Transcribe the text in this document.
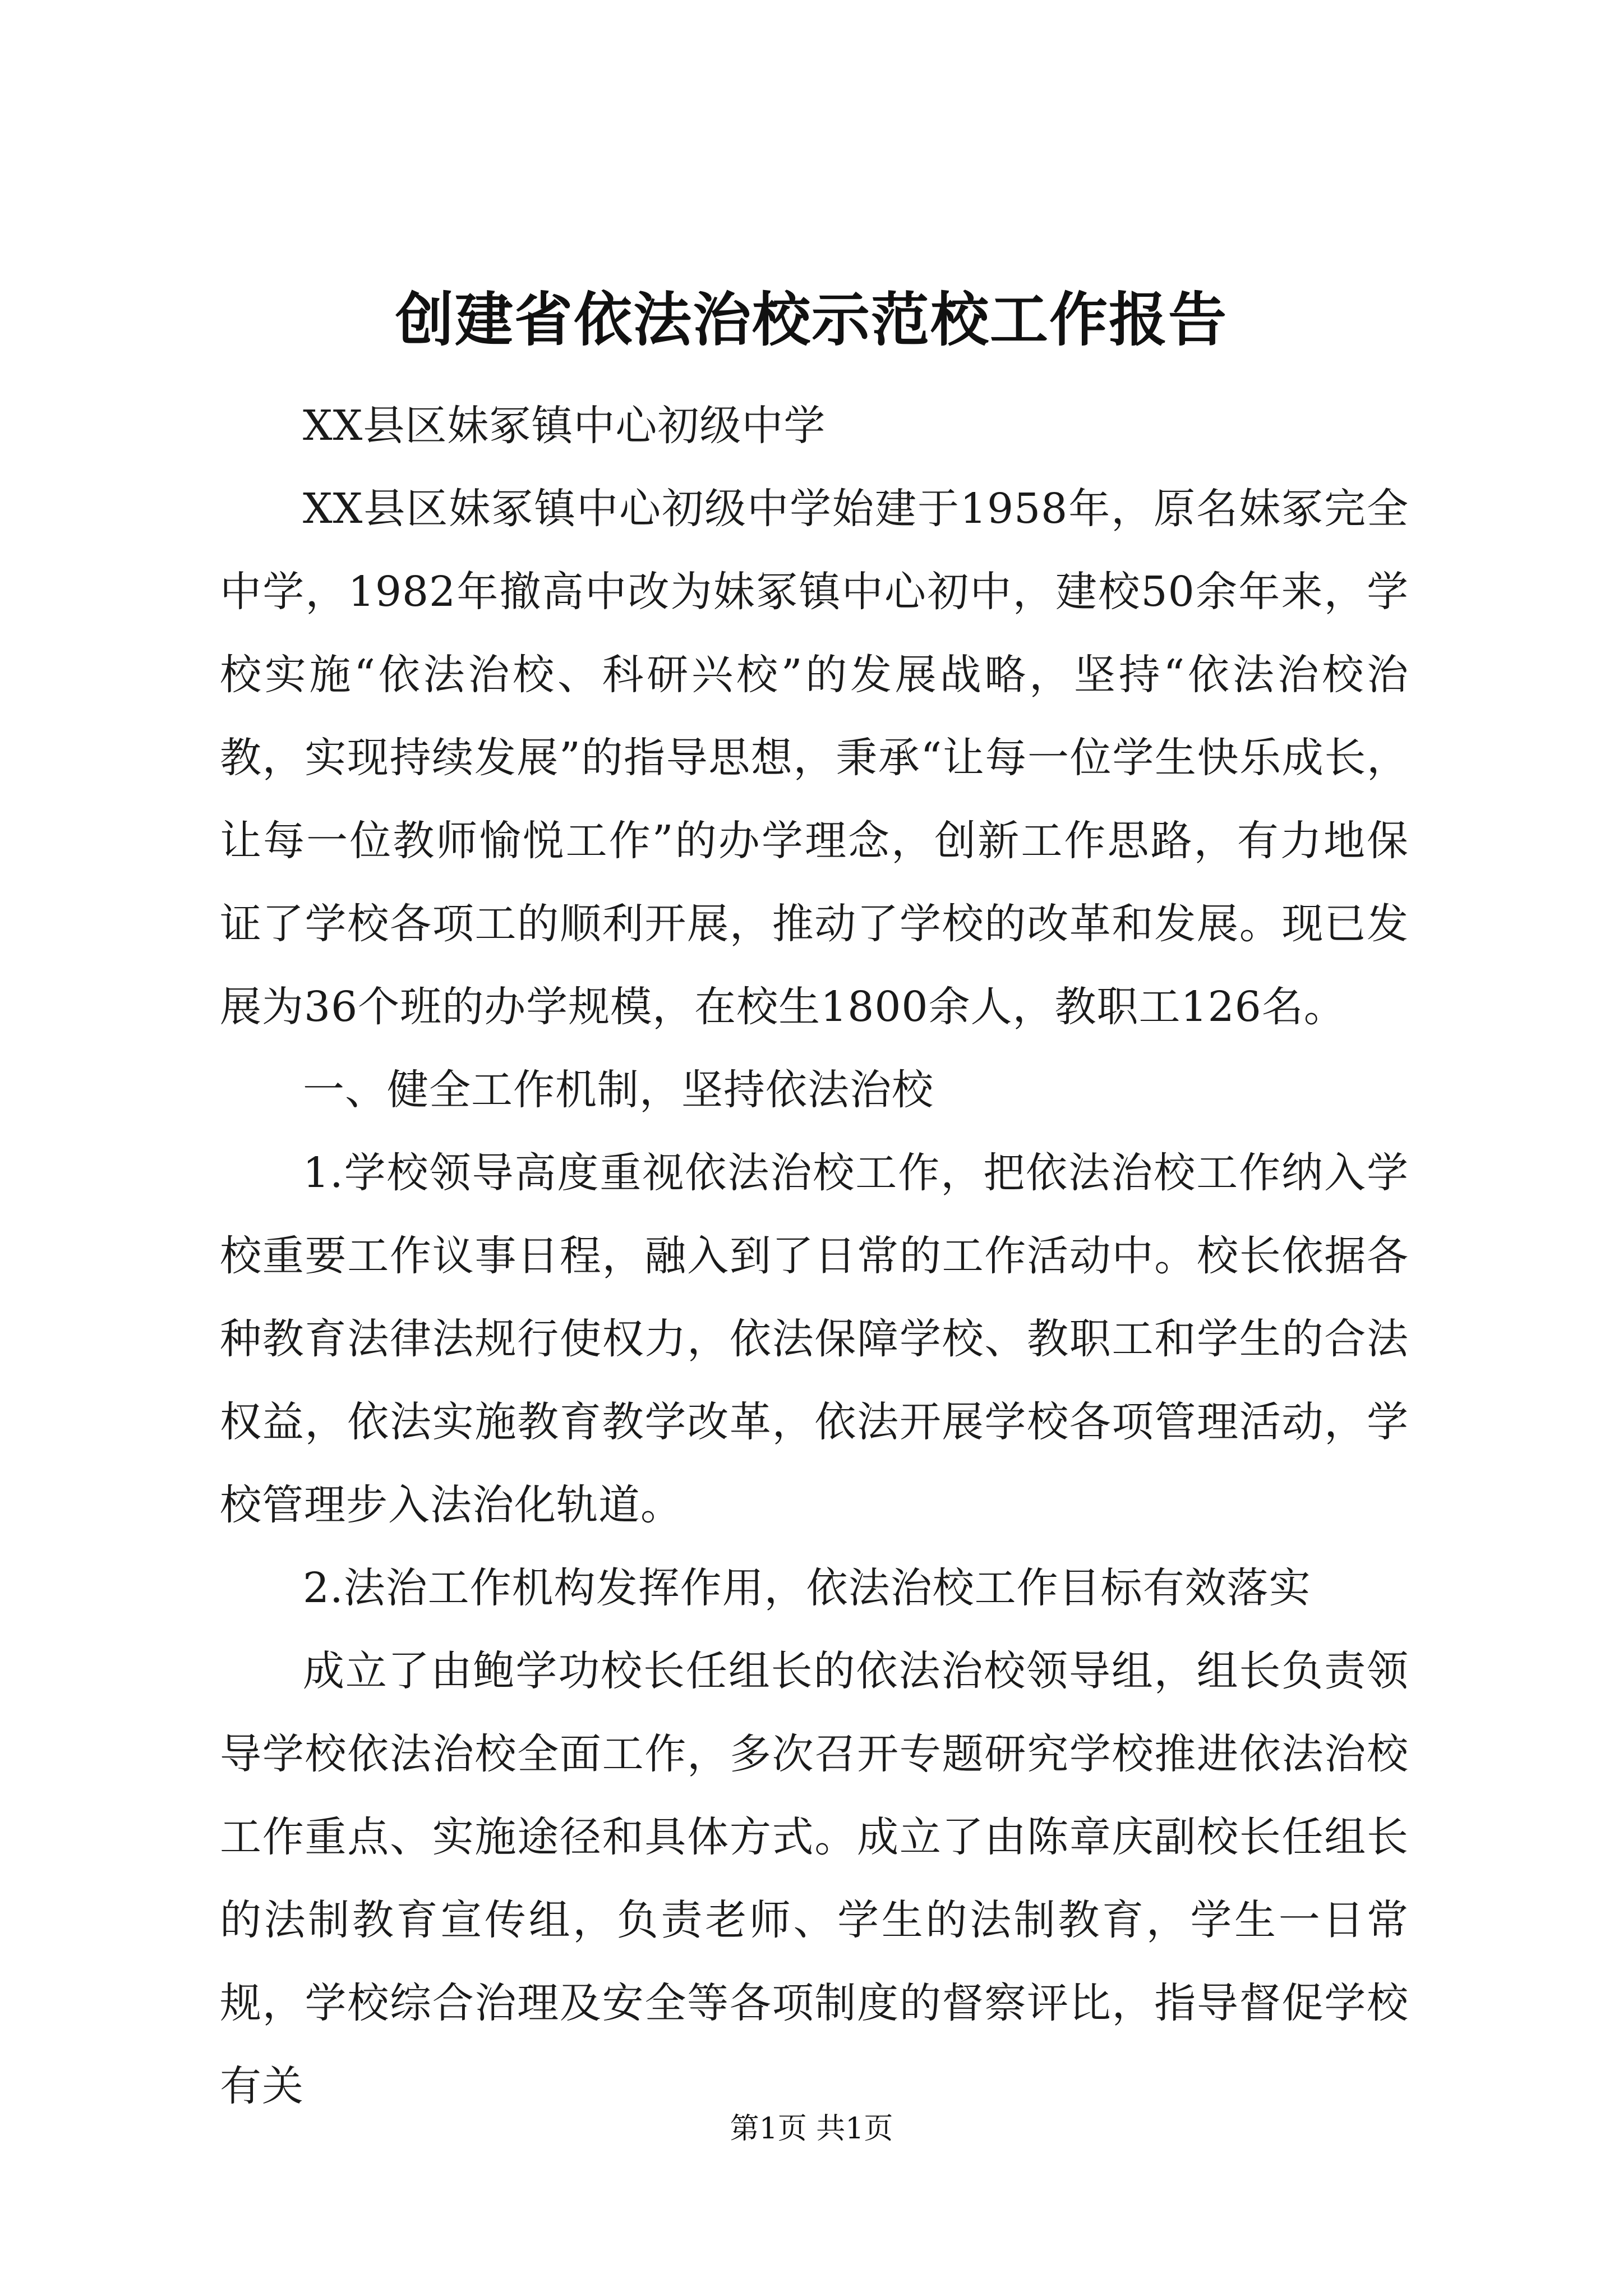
创建省依法治校示范校工作报告

XX县区妹冢镇中心初级中学

XX县区妹冢镇中心初级中学始建于1958年，原名妹冢完全中学，1982年撤高中改为妹冢镇中心初中，建校50余年来，学校实施“依法治校、科研兴校”的发展战略，坚持“依法治校治教，实现持续发展”的指导思想，秉承“让每一位学生快乐成长，让每一位教师愉悦工作”的办学理念，创新工作思路，有力地保证了学校各项工的顺利开展，推动了学校的改革和发展。现已发展为36个班的办学规模，在校生1800余人，教职工126名。

一、健全工作机制，坚持依法治校

1.学校领导高度重视依法治校工作，把依法治校工作纳入学校重要工作议事日程，融入到了日常的工作活动中。校长依据各种教育法律法规行使权力，依法保障学校、教职工和学生的合法权益，依法实施教育教学改革，依法开展学校各项管理活动，学校管理步入法治化轨道。

2.法治工作机构发挥作用，依法治校工作目标有效落实

成立了由鲍学功校长任组长的依法治校领导组，组长负责领导学校依法治校全面工作，多次召开专题研究学校推进依法治校工作重点、实施途径和具体方式。成立了由陈章庆副校长任组长的法制教育宣传组，负责老师、学生的法制教育，学生一日常规，学校综合治理及安全等各项制度的督察评比，指导督促学校有关

第1页 共1页
